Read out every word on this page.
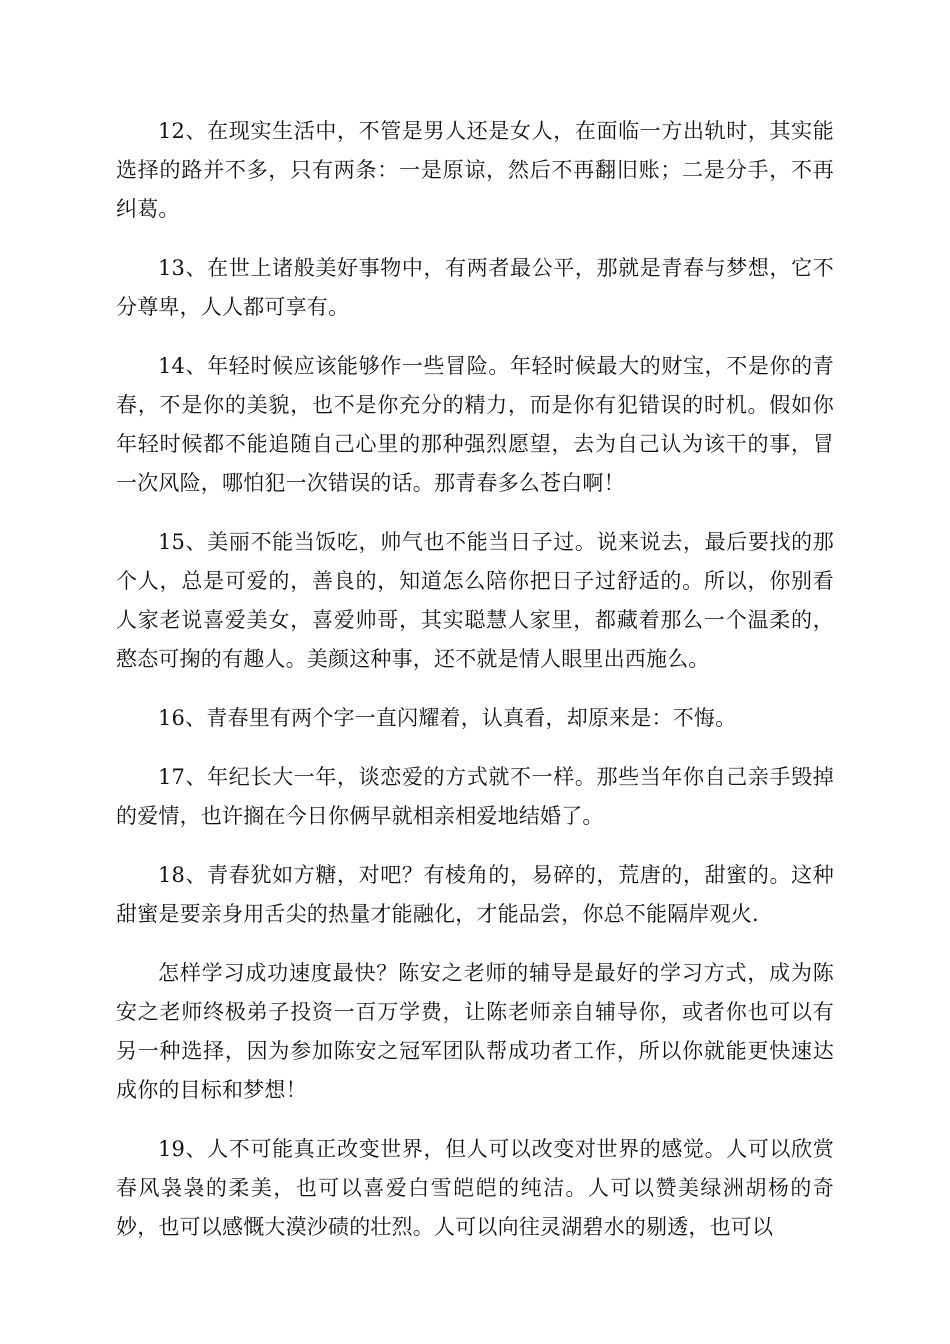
12、在现实生活中，不管是男人还是女人，在面临一方出轨时，其实能选择的路并不多，只有两条：一是原谅，然后不再翻旧账；二是分手，不再纠葛。

13、在世上诸般美好事物中，有两者最公平，那就是青春与梦想，它不分尊卑，人人都可享有。

14、年轻时候应该能够作一些冒险。年轻时候最大的财宝，不是你的青春，不是你的美貌，也不是你充分的精力，而是你有犯错误的时机。假如你年轻时候都不能追随自己心里的那种强烈愿望，去为自己认为该干的事，冒一次风险，哪怕犯一次错误的话。那青春多么苍白啊！

15、美丽不能当饭吃，帅气也不能当日子过。说来说去，最后要找的那个人，总是可爱的，善良的，知道怎么陪你把日子过舒适的。所以，你别看人家老说喜爱美女，喜爱帅哥，其实聪慧人家里，都藏着那么一个温柔的，憨态可掬的有趣人。美颜这种事，还不就是情人眼里出西施么。

16、青春里有两个字一直闪耀着，认真看，却原来是：不悔。

17、年纪长大一年，谈恋爱的方式就不一样。那些当年你自己亲手毁掉的爱情，也许搁在今日你俩早就相亲相爱地结婚了。

18、青春犹如方糖，对吧？有棱角的，易碎的，荒唐的，甜蜜的。这种甜蜜是要亲身用舌尖的热量才能融化，才能品尝，你总不能隔岸观火.

怎样学习成功速度最快？陈安之老师的辅导是最好的学习方式，成为陈安之老师终极弟子投资一百万学费，让陈老师亲自辅导你，或者你也可以有另一种选择，因为参加陈安之冠军团队帮成功者工作，所以你就能更快速达成你的目标和梦想！

19、人不可能真正改变世界，但人可以改变对世界的感觉。人可以欣赏春风袅袅的柔美，也可以喜爱白雪皑皑的纯洁。人可以赞美绿洲胡杨的奇妙，也可以感慨大漠沙碛的壮烈。人可以向往灵湖碧水的剔透，也可以
